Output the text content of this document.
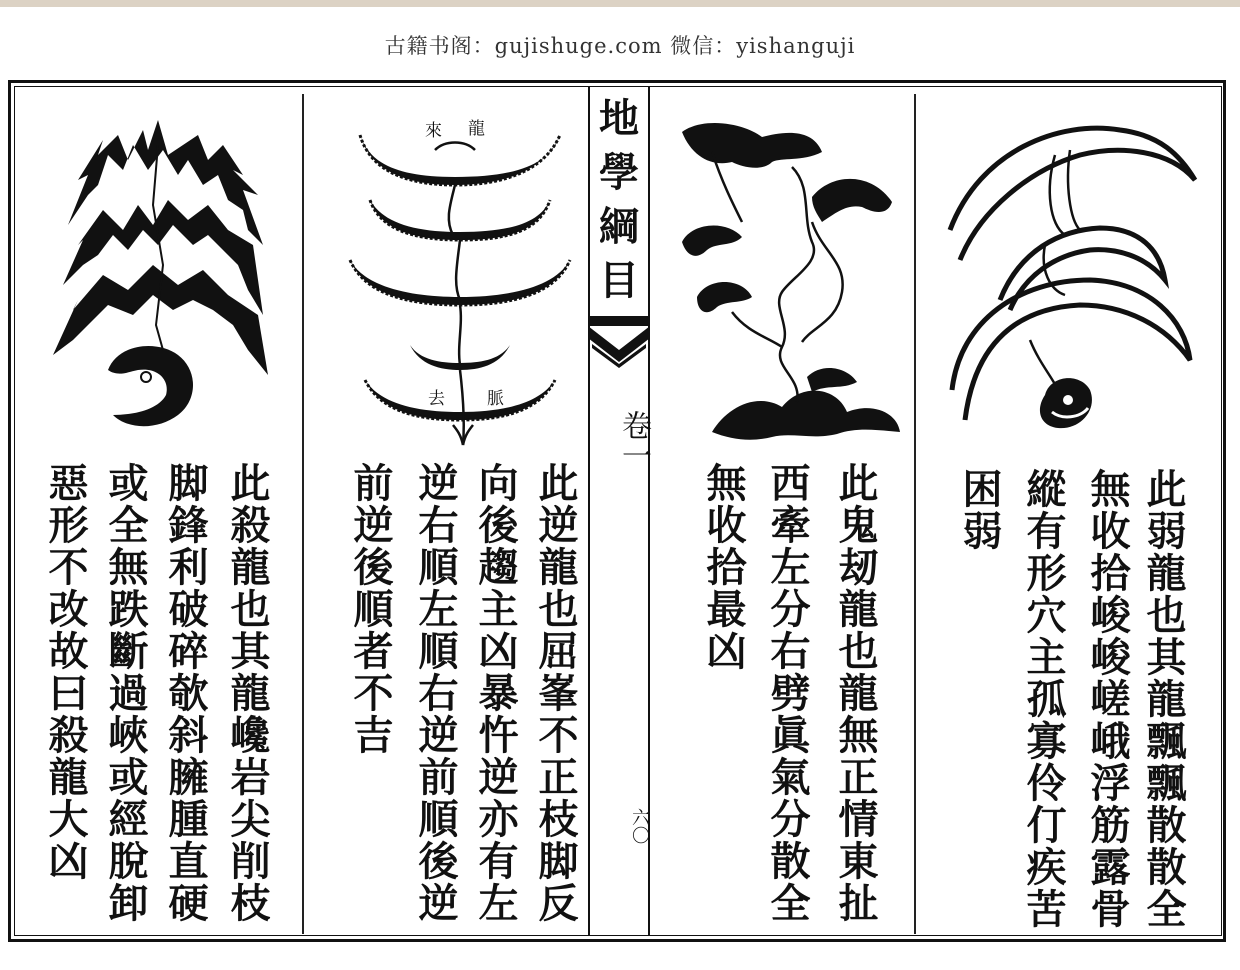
古籍书阁：gujishuge.com 微信：yishanguji
地
學
綱
目
卷一
六〇	此弱龍也其龍飄飄散散全
無收拾峻峻嵯峨浮筋露骨
縱有形穴主孤寡伶仃疾苦
困弱
此鬼刼龍也龍無正情東扯
西牽左分右劈眞氣分散全
無收拾最凶
來 龍
去 脈
此逆龍也屈峯不正枝脚反
向後趨主凶暴忤逆亦有左
逆右順左順右逆前順後逆
前逆後順者不吉
此殺龍也其龍巉岩尖削枝
脚鋒利破碎欹斜臃腫直硬
或全無跌斷過峽或經脫卸
惡形不改故曰殺龍大凶
